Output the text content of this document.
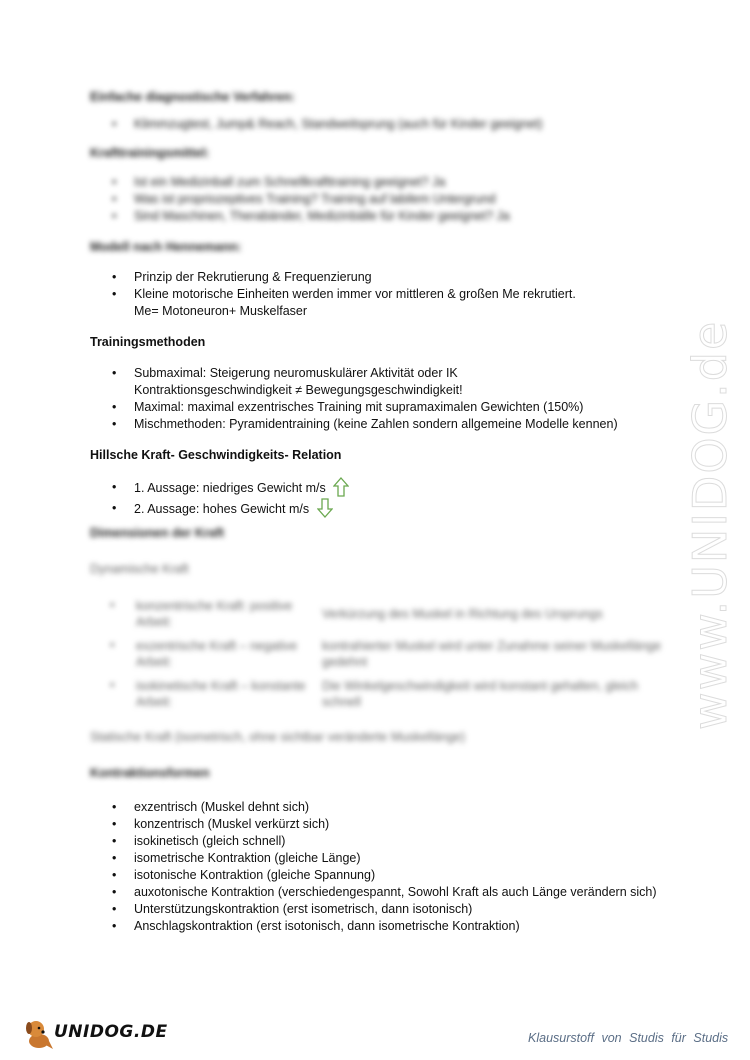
Einfache diagnostische Verfahren:
• Klimmzugtest, Jump& Reach, Standweitsprung (auch für Kinder geeignet)
Krafttrainingsmittel:
• Ist ein Medizinball zum Schnellkrafttraining geeignet? Ja
• Was ist propriozeptives Training? Training auf labilem Untergrund
• Sind Maschinen, Therabänder, Medizinbälle für Kinder geeignet? Ja
Modell nach Hennemann:
• Prinzip der Rekrutierung & Frequenzierung
• Kleine motorische Einheiten werden immer vor mittleren & großen Me rekrutiert.
Me= Motoneuron+ Muskelfaser
Trainingsmethoden
• Submaximal: Steigerung neuromuskulärer Aktivität oder IK
Kontraktionsgeschwindigkeit ≠ Bewegungsgeschwindigkeit!
• Maximal: maximal exzentrisches Training mit supramaximalen Gewichten (150%)
• Mischmethoden: Pyramidentraining (keine Zahlen sondern allgemeine Modelle kennen)
Hillsche Kraft- Geschwindigkeits- Relation
• 1. Aussage: niedriges Gewicht m/s
• 2. Aussage: hohes Gewicht m/s
Dimensionen der Kraft
Dynamische Kraft
• konzentrische Kraft: positive Arbeit:
Verkürzung des Muskel in Richtung des Ursprungs
• exzentrische Kraft – negative Arbeit:
kontrahierter Muskel wird unter Zunahme seiner Muskellänge gedehnt
• isokinetische Kraft – konstante Arbeit:
Die Winkelgeschwindigkeit wird konstant gehalten, gleich schnell
Statische Kraft (isometrisch, ohne sichtbar veränderte Muskellänge)
Kontraktionsformen
• exzentrisch (Muskel dehnt sich)
• konzentrisch (Muskel verkürzt sich)
• isokinetisch (gleich schnell)
• isometrische Kontraktion (gleiche Länge)
• isotonische Kontraktion (gleiche Spannung)
• auxotonische Kontraktion (verschiedengespannt, Sowohl Kraft als auch Länge verändern sich)
• Unterstützungskontraktion (erst isometrisch, dann isotonisch)
• Anschlagskontraktion (erst isotonisch, dann isometrische Kontraktion)
www.UNIDOG.de
UNIDOG.DE	Klausurstoff von Studis für Studis
